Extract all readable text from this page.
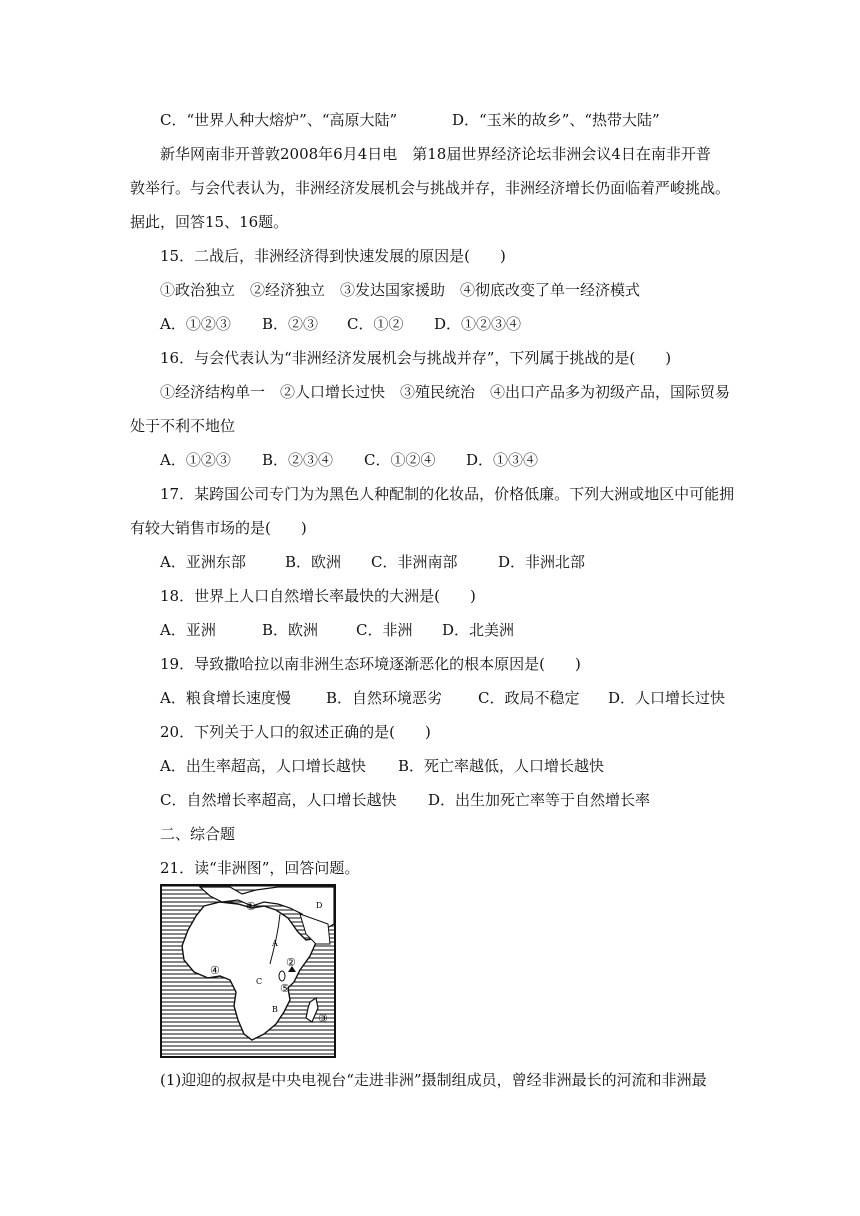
C．“世界人种大熔炉”、“高原大陆”	D．“玉米的故乡”、“热带大陆”
新华网南非开普敦2008年6月4日电　第18届世界经济论坛非洲会议4日在南非开普
敦举行。与会代表认为，非洲经济发展机会与挑战并存，非洲经济增长仍面临着严峻挑战。
据此，回答15、16题。
15．二战后，非洲经济得到快速发展的原因是(　　)
①政治独立　②经济独立　③发达国家援助　④彻底改变了单一经济模式
A．①②③ B．②③ C．①② D．①②③④
16．与会代表认为“非洲经济发展机会与挑战并存”，下列属于挑战的是(　　)
①经济结构单一　②人口增长过快　③殖民统治　④出口产品多为初级产品，国际贸易
处于不利不地位
A．①②③ B．②③④ C．①②④ D．①③④
17．某跨国公司专门为为黑色人种配制的化妆品，价格低廉。下列大洲或地区中可能拥
有较大销售市场的是(　　)
A．亚洲东部	B．欧洲 C．非洲南部	D．非洲北部
18．世界上人口自然增长率最快的大洲是(　　)
A．亚洲	B．欧洲	C．非洲 D．北美洲
19．导致撒哈拉以南非洲生态环境逐渐恶化的根本原因是(　　)
A．粮食增长速度慢 B．自然环境恶劣 C．政局不稳定 D．人口增长过快
20．下列关于人口的叙述正确的是(　　)
A．出生率超高，人口增长越快 B．死亡率越低，人口增长越快
C．自然增长率超高，人口增长越快 D．出生加死亡率等于自然增长率
二、综合题
21．读“非洲图”，回答问题。
①
②
③
④
⑤
A
B
C
D
(1)迎迎的叔叔是中央电视台“走进非洲”摄制组成员，曾经非洲最长的河流和非洲最
